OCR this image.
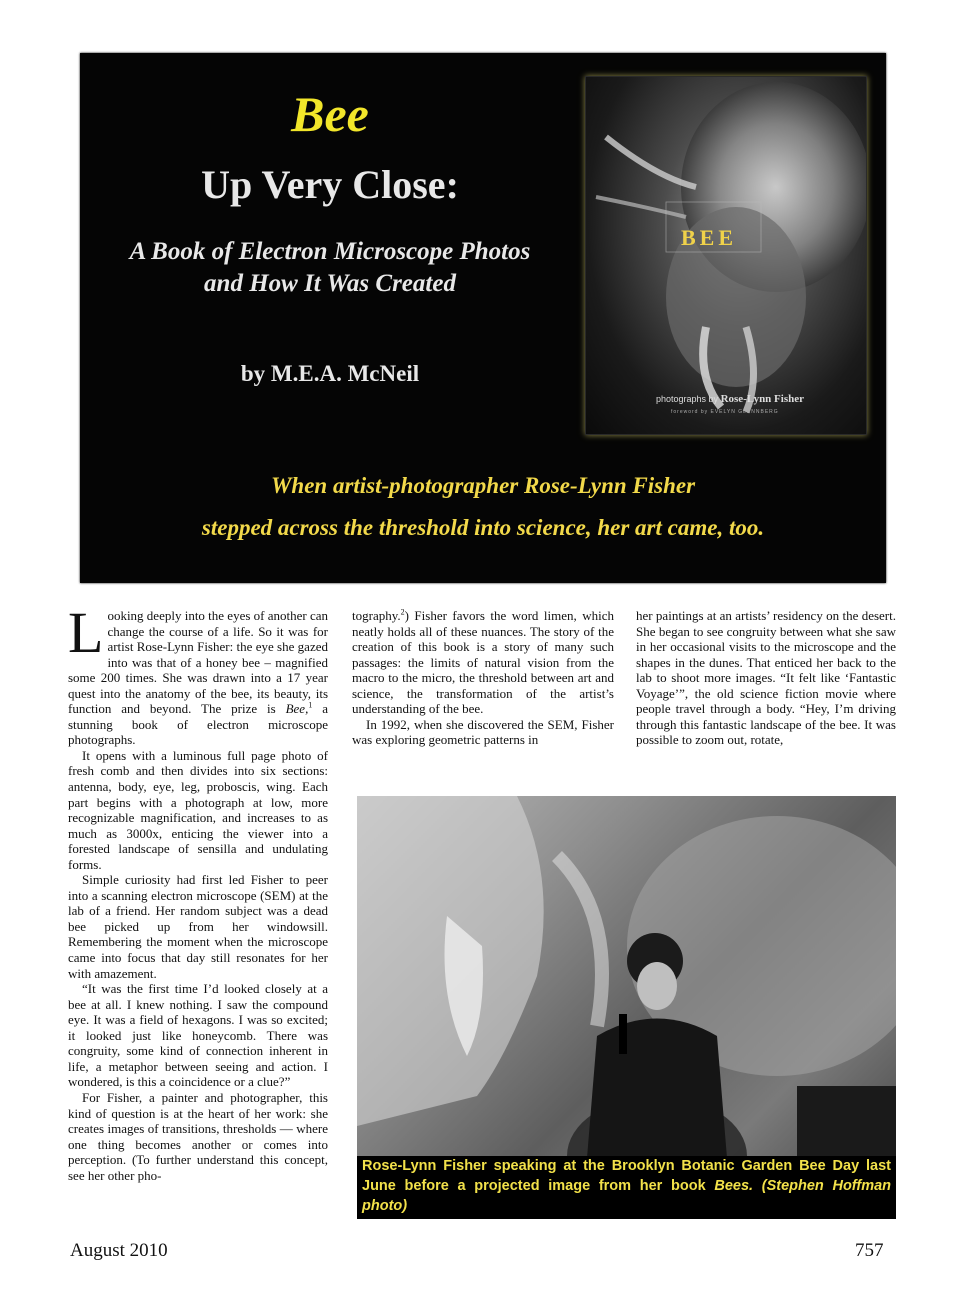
Bee
Up Very Close:
A Book of Electron Microscope Photos
and How It Was Created
by M.E.A. McNeil
BEE
photographs by Rose-Lynn Fisher
foreword by EVELYN GLENNBERG
When artist-photographer Rose-Lynn Fisher
stepped across the threshold into science, her art came, too.

Looking deeply into the eyes of another can change the course of a life. So it was for artist Rose-Lynn Fisher: the eye she gazed into was that of a honey bee – magnified some 200 times. She was drawn into a 17 year quest into the anatomy of the bee, its beauty, its function and beyond. The prize is Bee,$^1$ a stunning book of electron microscope photographs.

It opens with a luminous full page photo of fresh comb and then divides into six sections: antenna, body, eye, leg, proboscis, wing. Each part begins with a photograph at low, more recognizable magnification, and increases to as much as 3000x, enticing the viewer into a forested landscape of sensilla and undulating forms.

Simple curiosity had first led Fisher to peer into a scanning electron microscope (SEM) at the lab of a friend. Her random subject was a dead bee picked up from her windowsill. Remembering the moment when the microscope came into focus that day still resonates for her with amazement.

“It was the first time I’d looked closely at a bee at all. I knew nothing. I saw the compound eye. It was a field of hexagons. I was so excited; it looked just like honeycomb. There was congruity, some kind of connection inherent in life, a metaphor between seeing and action. I wondered, is this a coincidence or a clue?”

For Fisher, a painter and photographer, this kind of question is at the heart of her work: she creates images of transitions, thresholds — where one thing becomes another or comes into perception. (To further understand this concept, see her other pho-

tography.$^2$) Fisher favors the word limen, which neatly holds all of these nuances. The story of the creation of this book is a story of many such passages: the limits of natural vision from the macro to the micro, the threshold between art and science, the transformation of the artist’s understanding of the bee.

In 1992, when she discovered the SEM, Fisher was exploring geometric patterns in

her paintings at an artists’ residency on the desert. She began to see congruity between what she saw in her occasional visits to the microscope and the shapes in the dunes. That enticed her back to the lab to shoot more images. “It felt like ‘Fantastic Voyage’”, the old science fiction movie where people travel through a body. “Hey, I’m driving through this fantastic landscape of the bee. It was possible to zoom out, rotate,

Rose-Lynn Fisher speaking at the Brooklyn Botanic Garden Bee Day last June before a projected image from her book Bees. (Stephen Hoffman photo)
August 2010	757
